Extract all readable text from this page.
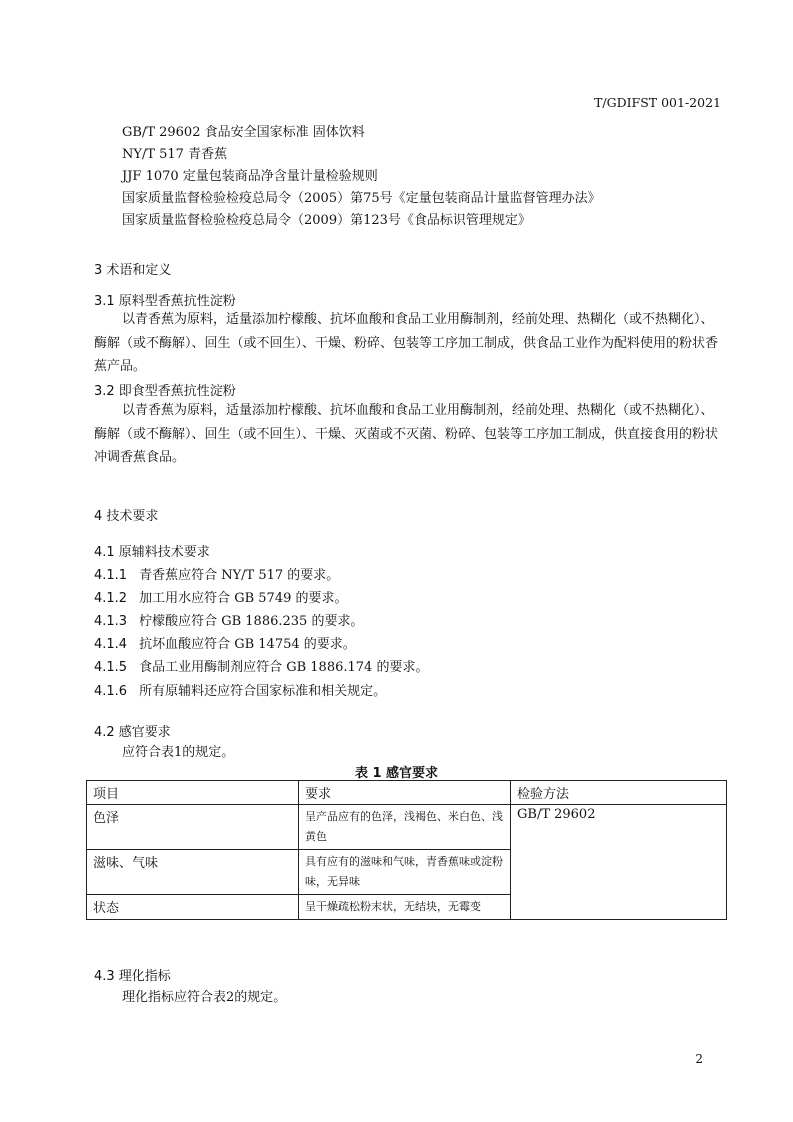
T/GDIFST 001-2021
GB/T 29602 食品安全国家标准 固体饮料
NY/T 517 青香蕉
JJF 1070 定量包装商品净含量计量检验规则
国家质量监督检验检疫总局令（2005）第75号《定量包装商品计量监督管理办法》
国家质量监督检验检疫总局令（2009）第123号《食品标识管理规定》
3 术语和定义
3.1 原料型香蕉抗性淀粉
以青香蕉为原料，适量添加柠檬酸、抗坏血酸和食品工业用酶制剂，经前处理、热糊化（或不热糊化）、酶解（或不酶解）、回生（或不回生）、干燥、粉碎、包装等工序加工制成，供食品工业作为配料使用的粉状香蕉产品。
3.2 即食型香蕉抗性淀粉
以青香蕉为原料，适量添加柠檬酸、抗坏血酸和食品工业用酶制剂，经前处理、热糊化（或不热糊化）、酶解（或不酶解）、回生（或不回生）、干燥、灭菌或不灭菌、粉碎、包装等工序加工制成，供直接食用的粉状冲调香蕉食品。
4 技术要求
4.1 原辅料技术要求
4.1.1 青香蕉应符合 NY/T 517 的要求。
4.1.2 加工用水应符合 GB 5749 的要求。
4.1.3 柠檬酸应符合 GB 1886.235 的要求。
4.1.4 抗坏血酸应符合 GB 14754 的要求。
4.1.5 食品工业用酶制剂应符合 GB 1886.174 的要求。
4.1.6 所有原辅料还应符合国家标准和相关规定。
4.2 感官要求
应符合表1的规定。
表 1 感官要求
项目	要求	检验方法
色泽	呈产品应有的色泽，浅褐色、米白色、浅黄色	GB/T 29602
滋味、气味	具有应有的滋味和气味，青香蕉味或淀粉味，无异味	
状态	呈干燥疏松粉末状，无结块，无霉变	
4.3 理化指标
理化指标应符合表2的规定。
2
